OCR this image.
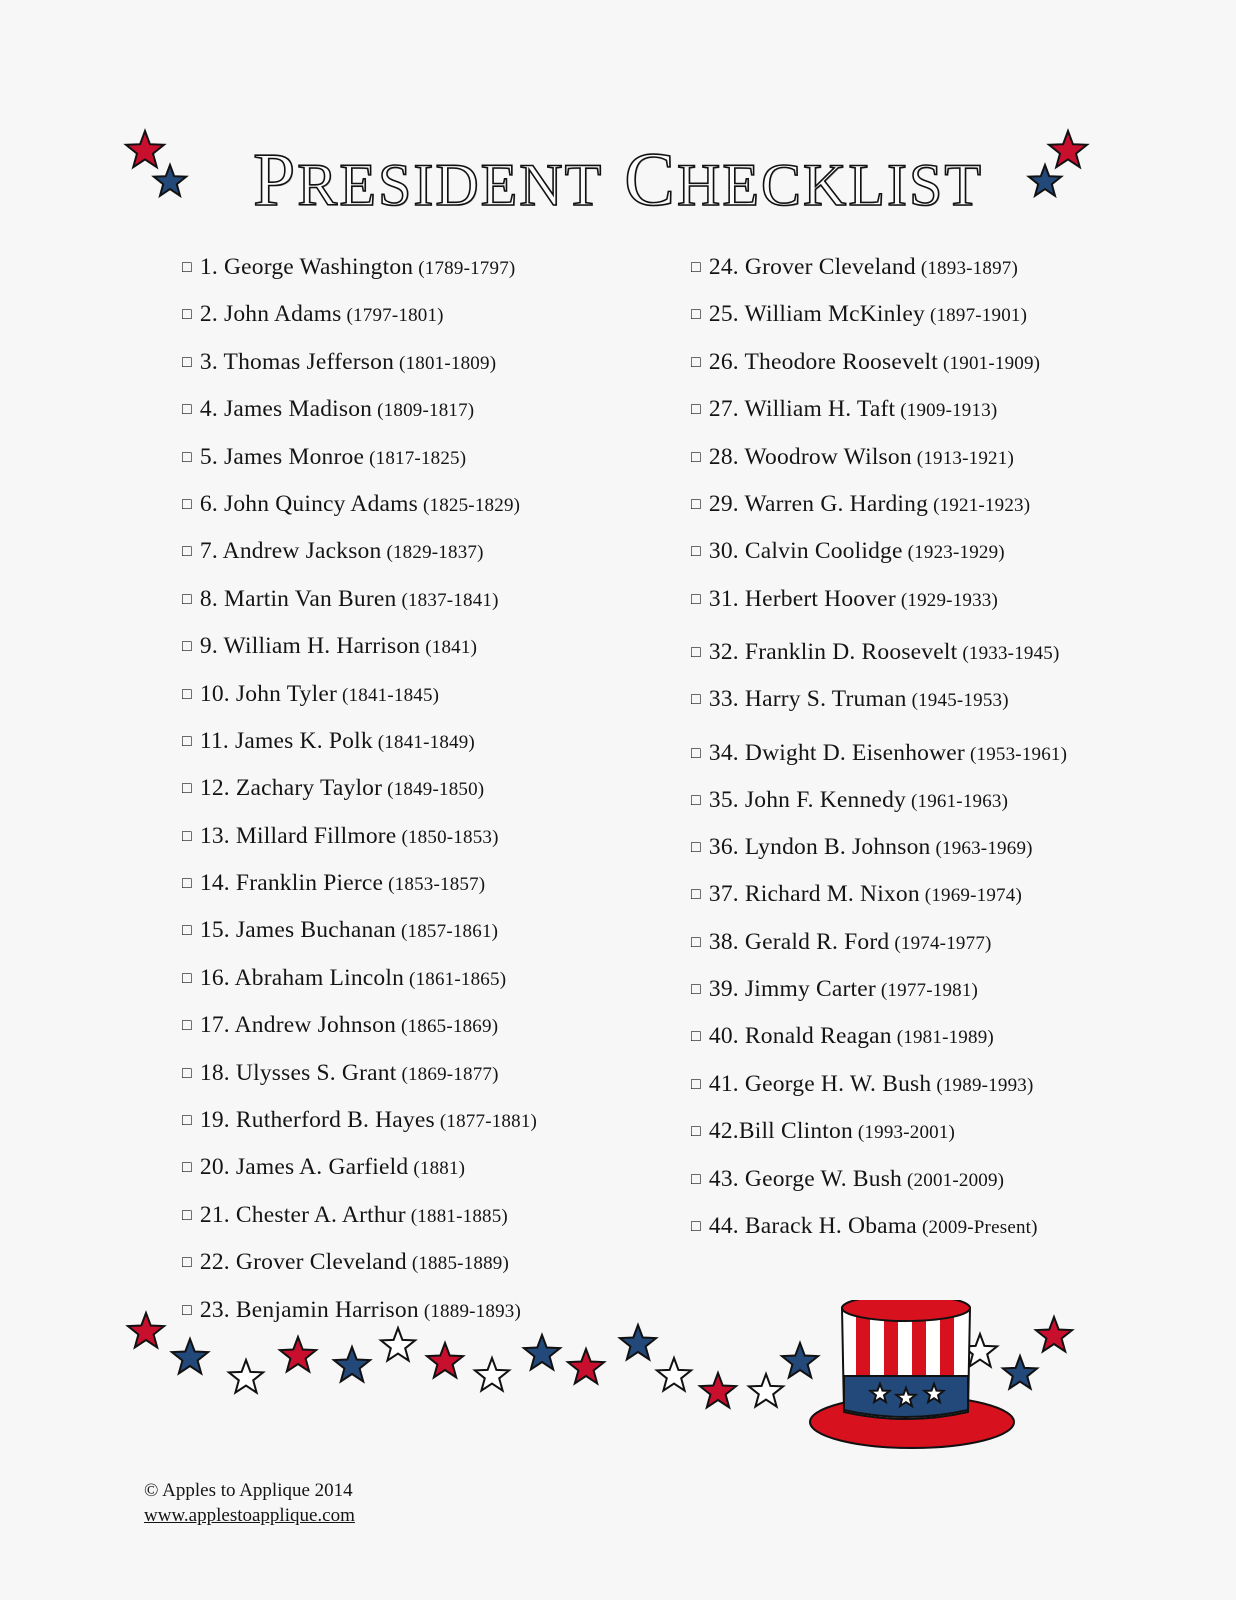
PRESIDENT CHECKLIST
□ 1. George Washington (1789-1797)
□ 2. John Adams (1797-1801)
□ 3. Thomas Jefferson (1801-1809)
□ 4. James Madison (1809-1817)
□ 5. James Monroe (1817-1825)
□ 6. John Quincy Adams (1825-1829)
□ 7. Andrew Jackson (1829-1837)
□ 8. Martin Van Buren (1837-1841)
□ 9. William H. Harrison (1841)
□ 10. John Tyler (1841-1845)
□ 11. James K. Polk (1841-1849)
□ 12. Zachary Taylor (1849-1850)
□ 13. Millard Fillmore (1850-1853)
□ 14. Franklin Pierce (1853-1857)
□ 15. James Buchanan (1857-1861)
□ 16. Abraham Lincoln (1861-1865)
□ 17. Andrew Johnson (1865-1869)
□ 18. Ulysses S. Grant (1869-1877)
□ 19. Rutherford B. Hayes (1877-1881)
□ 20. James A. Garfield (1881)
□ 21. Chester A. Arthur (1881-1885)
□ 22. Grover Cleveland (1885-1889)
□ 23. Benjamin Harrison (1889-1893)
□ 24. Grover Cleveland (1893-1897)
□ 25. William McKinley (1897-1901)
□ 26. Theodore Roosevelt (1901-1909)
□ 27. William H. Taft (1909-1913)
□ 28. Woodrow Wilson (1913-1921)
□ 29. Warren G. Harding (1921-1923)
□ 30. Calvin Coolidge (1923-1929)
□ 31. Herbert Hoover (1929-1933)
□ 32. Franklin D. Roosevelt (1933-1945)
□ 33. Harry S. Truman (1945-1953)
□ 34. Dwight D. Eisenhower (1953-1961)
□ 35. John F. Kennedy (1961-1963)
□ 36. Lyndon B. Johnson (1963-1969)
□ 37. Richard M. Nixon (1969-1974)
□ 38. Gerald R. Ford (1974-1977)
□ 39. Jimmy Carter (1977-1981)
□ 40. Ronald Reagan (1981-1989)
□ 41. George H. W. Bush (1989-1993)
□ 42.Bill Clinton (1993-2001)
□ 43. George W. Bush (2001-2009)
□ 44. Barack H. Obama (2009-Present)
© Apples to Applique 2014
www.applestoapplique.com
